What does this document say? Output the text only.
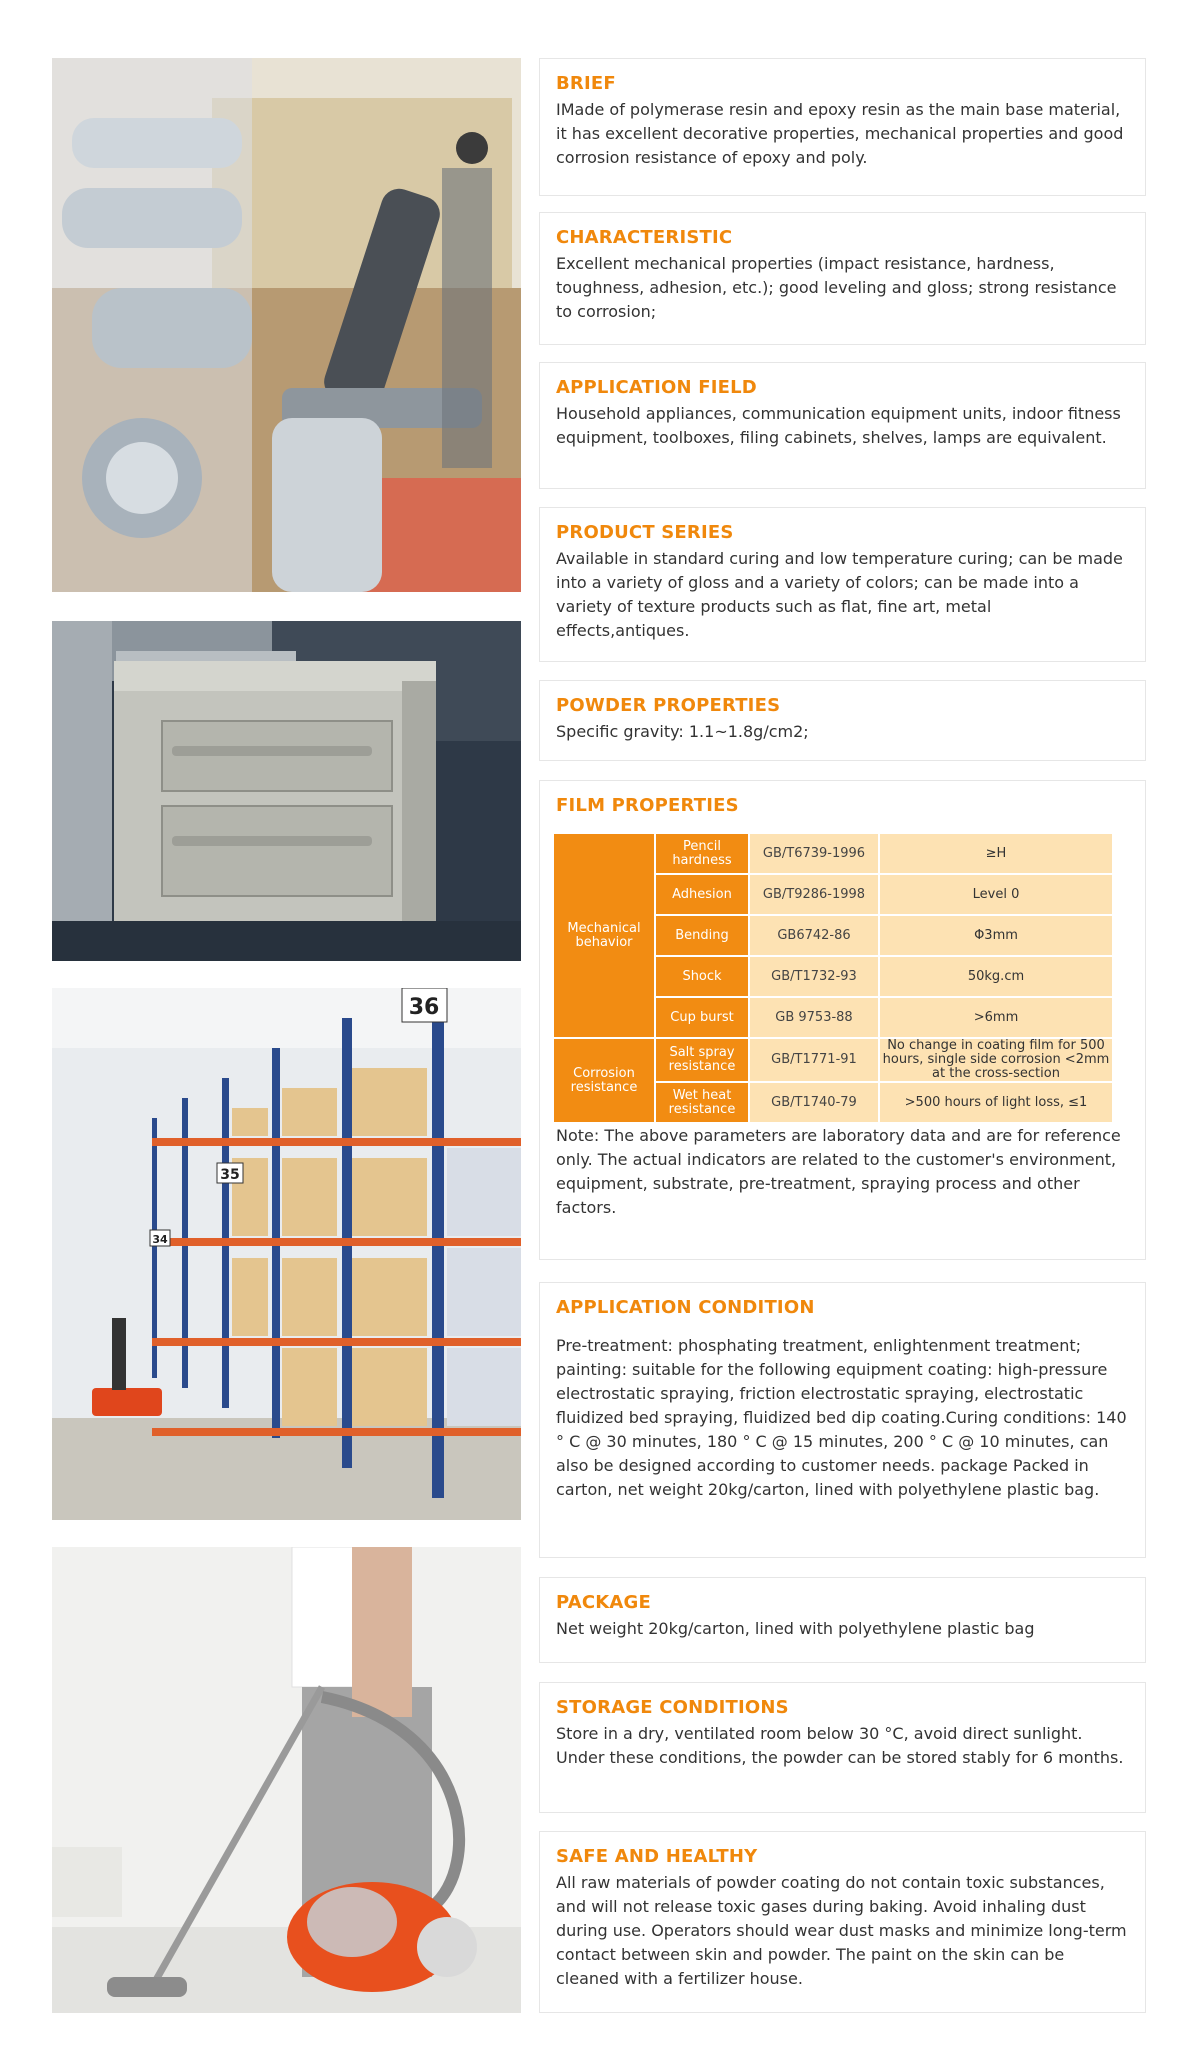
36
35
34
BRIEF

IMade of polymerase resin and epoxy resin as the main base material, it has excellent decorative properties, mechanical properties and good corrosion resistance of epoxy and poly.

CHARACTERISTIC

Excellent mechanical properties (impact resistance, hardness, toughness, adhesion, etc.); good leveling and gloss; strong resistance to corrosion;

APPLICATION FIELD

Household appliances, communication equipment units, indoor fitness equipment, toolboxes, filing cabinets, shelves, lamps are equivalent.

PRODUCT SERIES

Available in standard curing and low temperature curing; can be made into a variety of gloss and a variety of colors; can be made into a variety of texture products such as flat, fine art, metal effects,antiques.

POWDER PROPERTIES

Specific gravity: 1.1~1.8g/cm2;

FILM PROPERTIES
Mechanical behavior	Pencil hardness	GB/T6739-1996	≥H
	Adhesion	GB/T9286-1998	Level 0
	Bending	GB6742-86	Φ3mm
	Shock	GB/T1732-93	50kg.cm
	Cup burst	GB 9753-88	>6mm
Corrosion resistance	Salt spray resistance	GB/T1771-91	No change in coating film for 500 hours, single side corrosion <2mm at the cross-section
	Wet heat resistance	GB/T1740-79	>500 hours of light loss, ≤1

Note: The above parameters are laboratory data and are for reference only. The actual indicators are related to the customer's environment, equipment, substrate, pre-treatment, spraying process and other factors.

APPLICATION CONDITION

Pre-treatment: phosphating treatment, enlightenment treatment; painting: suitable for the following equipment coating: high-pressure electrostatic spraying, friction electrostatic spraying, electrostatic fluidized bed spraying, fluidized bed dip coating.Curing conditions: 140 ° C @ 30 minutes, 180 ° C @ 15 minutes, 200 ° C @ 10 minutes, can also be designed according to customer needs. package Packed in carton, net weight 20kg/carton, lined with polyethylene plastic bag.

PACKAGE

Net weight 20kg/carton, lined with polyethylene plastic bag

STORAGE CONDITIONS

Store in a dry, ventilated room below 30 °C, avoid direct sunlight. Under these conditions, the powder can be stored stably for 6 months.

SAFE AND HEALTHY

All raw materials of powder coating do not contain toxic substances, and will not release toxic gases during baking. Avoid inhaling dust during use. Operators should wear dust masks and minimize long-term contact between skin and powder. The paint on the skin can be cleaned with a fertilizer house.
